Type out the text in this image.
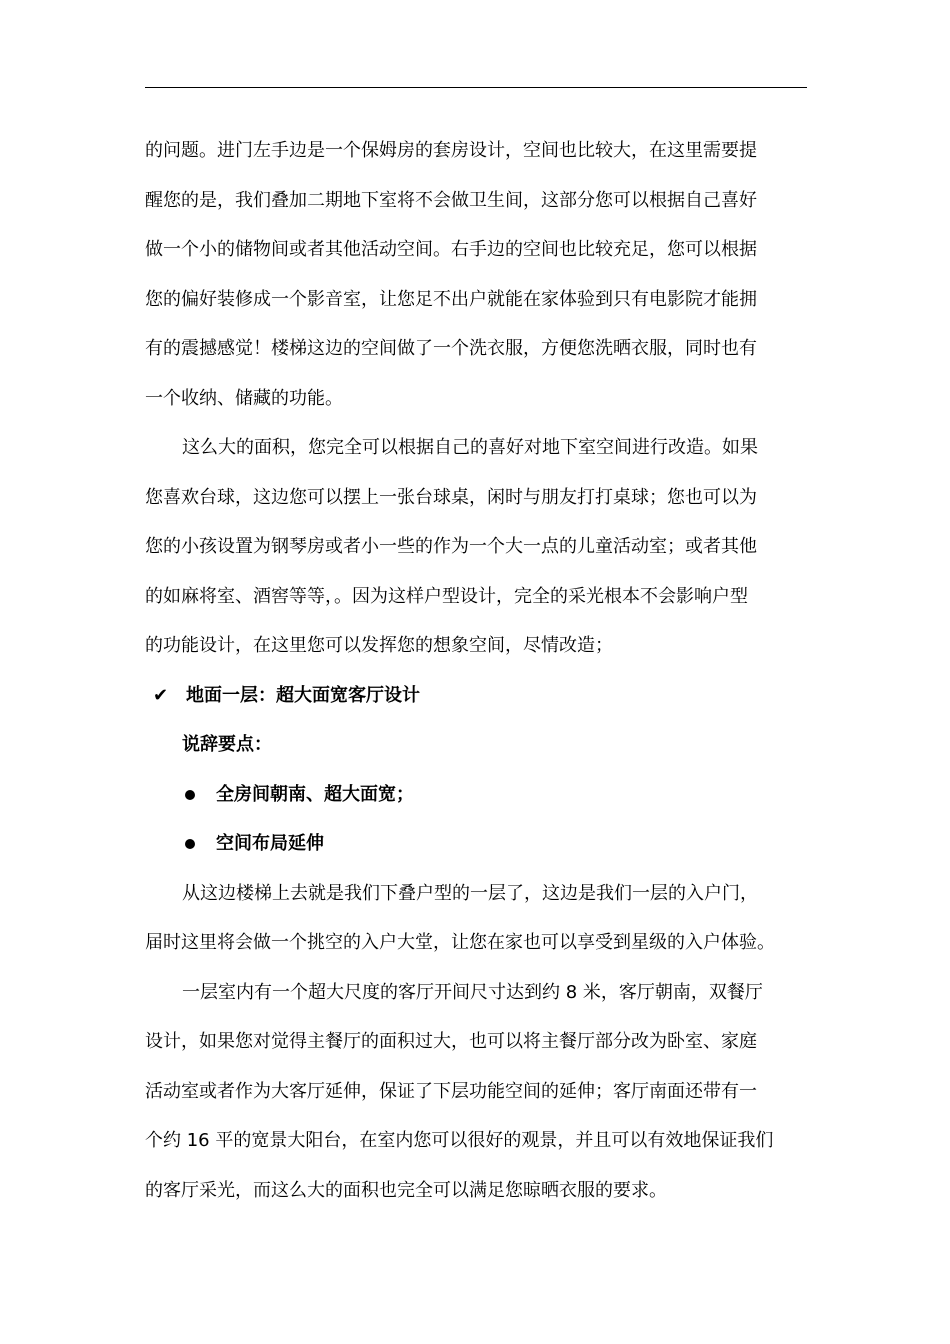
的问题。进门左手边是一个保姆房的套房设计，空间也比较大，在这里需要提
醒您的是，我们叠加二期地下室将不会做卫生间，这部分您可以根据自己喜好
做一个小的储物间或者其他活动空间。右手边的空间也比较充足，您可以根据
您的偏好装修成一个影音室，让您足不出户就能在家体验到只有电影院才能拥
有的震撼感觉！楼梯这边的空间做了一个洗衣服，方便您洗晒衣服，同时也有
一个收纳、储藏的功能。
这么大的面积，您完全可以根据自己的喜好对地下室空间进行改造。如果
您喜欢台球，这边您可以摆上一张台球桌，闲时与朋友打打桌球；您也可以为
您的小孩设置为钢琴房或者小一些的作为一个大一点的儿童活动室；或者其他
的如麻将室、酒窖等等，。因为这样户型设计，完全的采光根本不会影响户型
的功能设计，在这里您可以发挥您的想象空间，尽情改造；
✔ 地面一层：超大面宽客厅设计
说辞要点：
全房间朝南、超大面宽；
空间布局延伸
从这边楼梯上去就是我们下叠户型的一层了，这边是我们一层的入户门，
届时这里将会做一个挑空的入户大堂，让您在家也可以享受到星级的入户体验。
一层室内有一个超大尺度的客厅开间尺寸达到约 8 米，客厅朝南，双餐厅
设计，如果您对觉得主餐厅的面积过大，也可以将主餐厅部分改为卧室、家庭
活动室或者作为大客厅延伸，保证了下层功能空间的延伸；客厅南面还带有一
个约 16 平的宽景大阳台，在室内您可以很好的观景，并且可以有效地保证我们
的客厅采光，而这么大的面积也完全可以满足您晾晒衣服的要求。
